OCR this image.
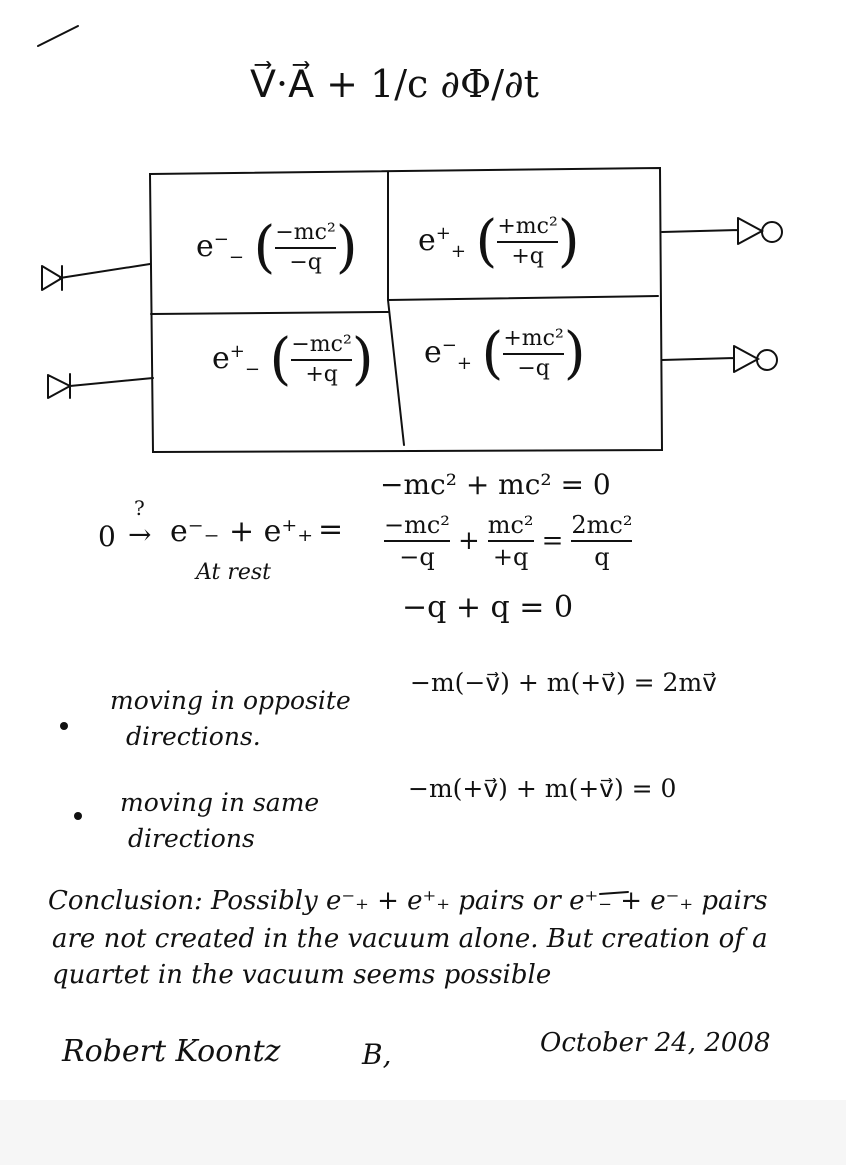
V⃗·A⃗ + 1/c ∂Φ/∂t
$e^-_-$ ( $\frac{\text{−mc²}}{-q}$ ) $e^+_+$ ( $\frac{\text{+mc²}}{+q}$ )
$e^+_-$ ( $\frac{\text{−mc²}}{+q}$ ) $e^-_+$ ( $\frac{\text{+mc²}}{-q}$ )
0
?
→ e⁻₋ + e⁺₊ =
At rest
−mc² + mc² = 0
$\frac{\text{−mc²}}{-q} + \frac{\text{mc²}}{+q} = \frac{\text{2mc²}}{q}$
−q + q = 0
moving in opposite
directions.
−m(−v⃗) + m(+v⃗) = 2mv⃗
moving in same
directions
−m(+v⃗) + m(+v⃗) = 0
Conclusion: Possibly e⁻₊ + e⁺₊ pairs or e⁺₋ + e⁻₊ pairs
are not created in the vacuum alone. But creation of a
quartet in the vacuum seems possible
Robert Koontz	B,	October 24, 2008
